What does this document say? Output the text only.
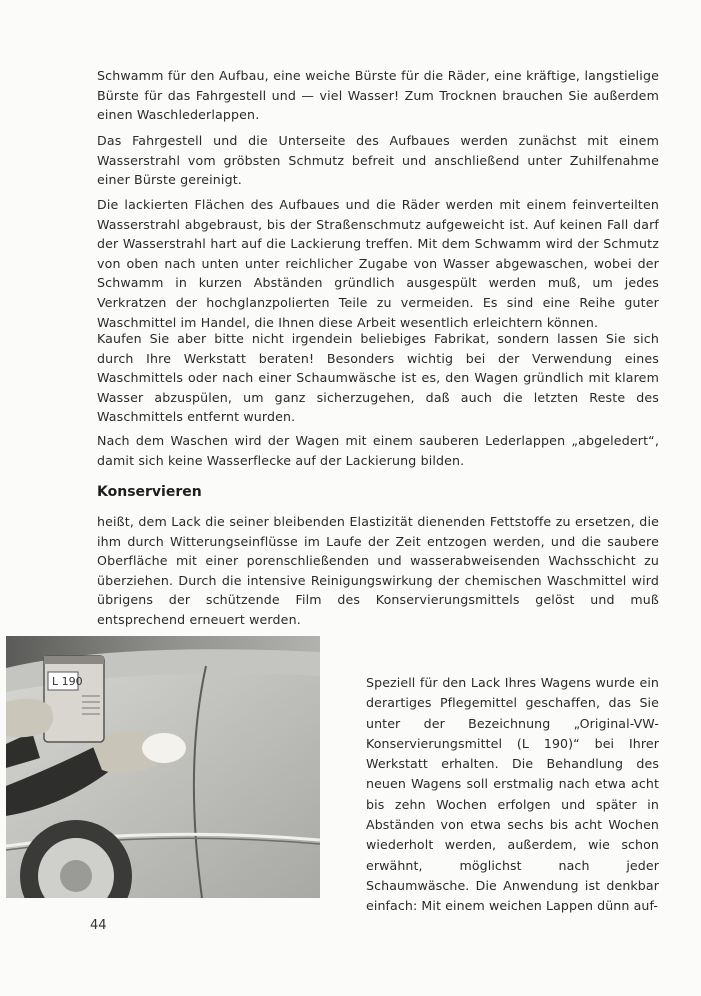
Schwamm für den Aufbau, eine weiche Bürste für die Räder, eine kräftige, langstielige Bürste für das Fahrgestell und — viel Wasser! Zum Trocknen brauchen Sie außerdem einen Waschlederlappen.

Das Fahrgestell und die Unterseite des Aufbaues werden zunächst mit einem Wasserstrahl vom gröbsten Schmutz befreit und anschließend unter Zuhilfenahme einer Bürste gereinigt.

Die lackierten Flächen des Aufbaues und die Räder werden mit einem feinverteilten Wasserstrahl abgebraust, bis der Straßenschmutz aufgeweicht ist. Auf keinen Fall darf der Wasserstrahl hart auf die Lackierung treffen. Mit dem Schwamm wird der Schmutz von oben nach unten unter reichlicher Zugabe von Wasser abgewaschen, wobei der Schwamm in kurzen Abständen gründlich ausgespült werden muß, um jedes Verkratzen der hochglanzpolierten Teile zu vermeiden. Es sind eine Reihe guter Waschmittel im Handel, die Ihnen diese Arbeit wesentlich erleichtern können.

Kaufen Sie aber bitte nicht irgendein beliebiges Fabrikat, sondern lassen Sie sich durch Ihre Werkstatt beraten! Besonders wichtig bei der Verwendung eines Waschmittels oder nach einer Schaumwäsche ist es, den Wagen gründlich mit klarem Wasser abzuspülen, um ganz sicherzugehen, daß auch die letzten Reste des Waschmittels entfernt wurden.

Nach dem Waschen wird der Wagen mit einem sauberen Lederlappen „abgeledert“, damit sich keine Wasserflecke auf der Lackierung bilden.

Konservieren

heißt, dem Lack die seiner bleibenden Elastizität dienenden Fettstoffe zu ersetzen, die ihm durch Witterungseinflüsse im Laufe der Zeit entzogen werden, und die saubere Oberfläche mit einer porenschließenden und wasserabweisenden Wachsschicht zu überziehen. Durch die intensive Reinigungswirkung der chemischen Waschmittel wird übrigens der schützende Film des Konservierungsmittels gelöst und muß entsprechend erneuert werden.

L 190	Speziell für den Lack Ihres Wagens wurde ein derartiges Pflegemittel geschaffen, das Sie unter der Bezeichnung „Original-VW-Konservierungsmittel (L 190)“ bei Ihrer Werkstatt erhalten. Die Behandlung des neuen Wagens soll erstmalig nach etwa acht bis zehn Wochen erfolgen und später in Abständen von etwa sechs bis acht Wochen wiederholt werden, außerdem, wie schon erwähnt, möglichst nach jeder Schaumwäsche. Die Anwendung ist denkbar einfach: Mit einem weichen Lappen dünn auf-

44
